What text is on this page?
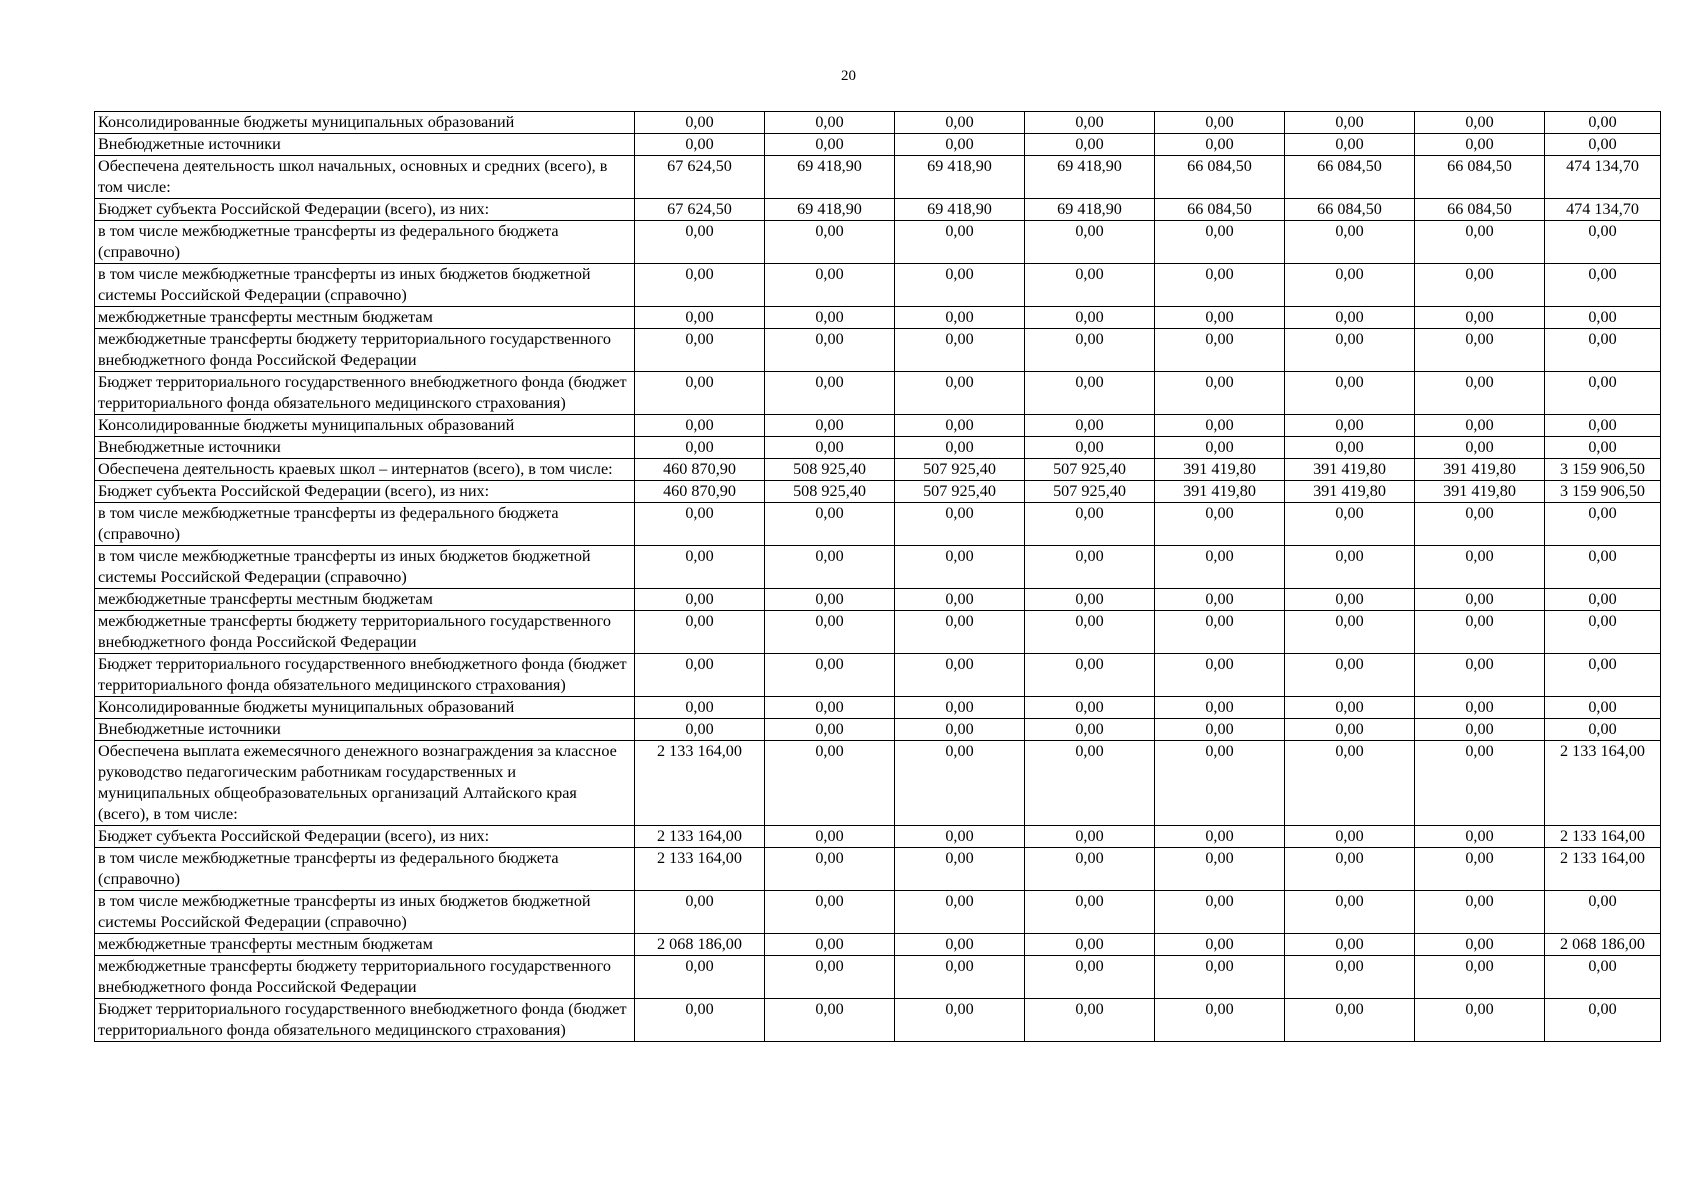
20
Консолидированные бюджеты муниципальных образований	0,00	0,00	0,00	0,00	0,00	0,00	0,00	0,00
Внебюджетные источники	0,00	0,00	0,00	0,00	0,00	0,00	0,00	0,00
Обеспечена деятельность школ начальных, основных и средних (всего), в том числе:	67 624,50	69 418,90	69 418,90	69 418,90	66 084,50	66 084,50	66 084,50	474 134,70
Бюджет субъекта Российской Федерации (всего), из них:	67 624,50	69 418,90	69 418,90	69 418,90	66 084,50	66 084,50	66 084,50	474 134,70
в том числе межбюджетные трансферты из федерального бюджета (справочно)	0,00	0,00	0,00	0,00	0,00	0,00	0,00	0,00
в том числе межбюджетные трансферты из иных бюджетов бюджетной системы Российской Федерации (справочно)	0,00	0,00	0,00	0,00	0,00	0,00	0,00	0,00
межбюджетные трансферты местным бюджетам	0,00	0,00	0,00	0,00	0,00	0,00	0,00	0,00
межбюджетные трансферты бюджету территориального государственного внебюджетного фонда Российской Федерации	0,00	0,00	0,00	0,00	0,00	0,00	0,00	0,00
Бюджет территориального государственного внебюджетного фонда (бюджет территориального фонда обязательного медицинского страхования)	0,00	0,00	0,00	0,00	0,00	0,00	0,00	0,00
Консолидированные бюджеты муниципальных образований	0,00	0,00	0,00	0,00	0,00	0,00	0,00	0,00
Внебюджетные источники	0,00	0,00	0,00	0,00	0,00	0,00	0,00	0,00
Обеспечена деятельность краевых школ – интернатов (всего), в том числе:	460 870,90	508 925,40	507 925,40	507 925,40	391 419,80	391 419,80	391 419,80	3 159 906,50
Бюджет субъекта Российской Федерации (всего), из них:	460 870,90	508 925,40	507 925,40	507 925,40	391 419,80	391 419,80	391 419,80	3 159 906,50
в том числе межбюджетные трансферты из федерального бюджета (справочно)	0,00	0,00	0,00	0,00	0,00	0,00	0,00	0,00
в том числе межбюджетные трансферты из иных бюджетов бюджетной системы Российской Федерации (справочно)	0,00	0,00	0,00	0,00	0,00	0,00	0,00	0,00
межбюджетные трансферты местным бюджетам	0,00	0,00	0,00	0,00	0,00	0,00	0,00	0,00
межбюджетные трансферты бюджету территориального государственного внебюджетного фонда Российской Федерации	0,00	0,00	0,00	0,00	0,00	0,00	0,00	0,00
Бюджет территориального государственного внебюджетного фонда (бюджет территориального фонда обязательного медицинского страхования)	0,00	0,00	0,00	0,00	0,00	0,00	0,00	0,00
Консолидированные бюджеты муниципальных образований	0,00	0,00	0,00	0,00	0,00	0,00	0,00	0,00
Внебюджетные источники	0,00	0,00	0,00	0,00	0,00	0,00	0,00	0,00
Обеспечена выплата ежемесячного денежного вознаграждения за классное руководство педагогическим работникам государственных и муниципальных общеобразовательных организаций Алтайского края (всего), в том числе:	2 133 164,00	0,00	0,00	0,00	0,00	0,00	0,00	2 133 164,00
Бюджет субъекта Российской Федерации (всего), из них:	2 133 164,00	0,00	0,00	0,00	0,00	0,00	0,00	2 133 164,00
в том числе межбюджетные трансферты из федерального бюджета (справочно)	2 133 164,00	0,00	0,00	0,00	0,00	0,00	0,00	2 133 164,00
в том числе межбюджетные трансферты из иных бюджетов бюджетной системы Российской Федерации (справочно)	0,00	0,00	0,00	0,00	0,00	0,00	0,00	0,00
межбюджетные трансферты местным бюджетам	2 068 186,00	0,00	0,00	0,00	0,00	0,00	0,00	2 068 186,00
межбюджетные трансферты бюджету территориального государственного внебюджетного фонда Российской Федерации	0,00	0,00	0,00	0,00	0,00	0,00	0,00	0,00
Бюджет территориального государственного внебюджетного фонда (бюджет территориального фонда обязательного медицинского страхования)	0,00	0,00	0,00	0,00	0,00	0,00	0,00	0,00
